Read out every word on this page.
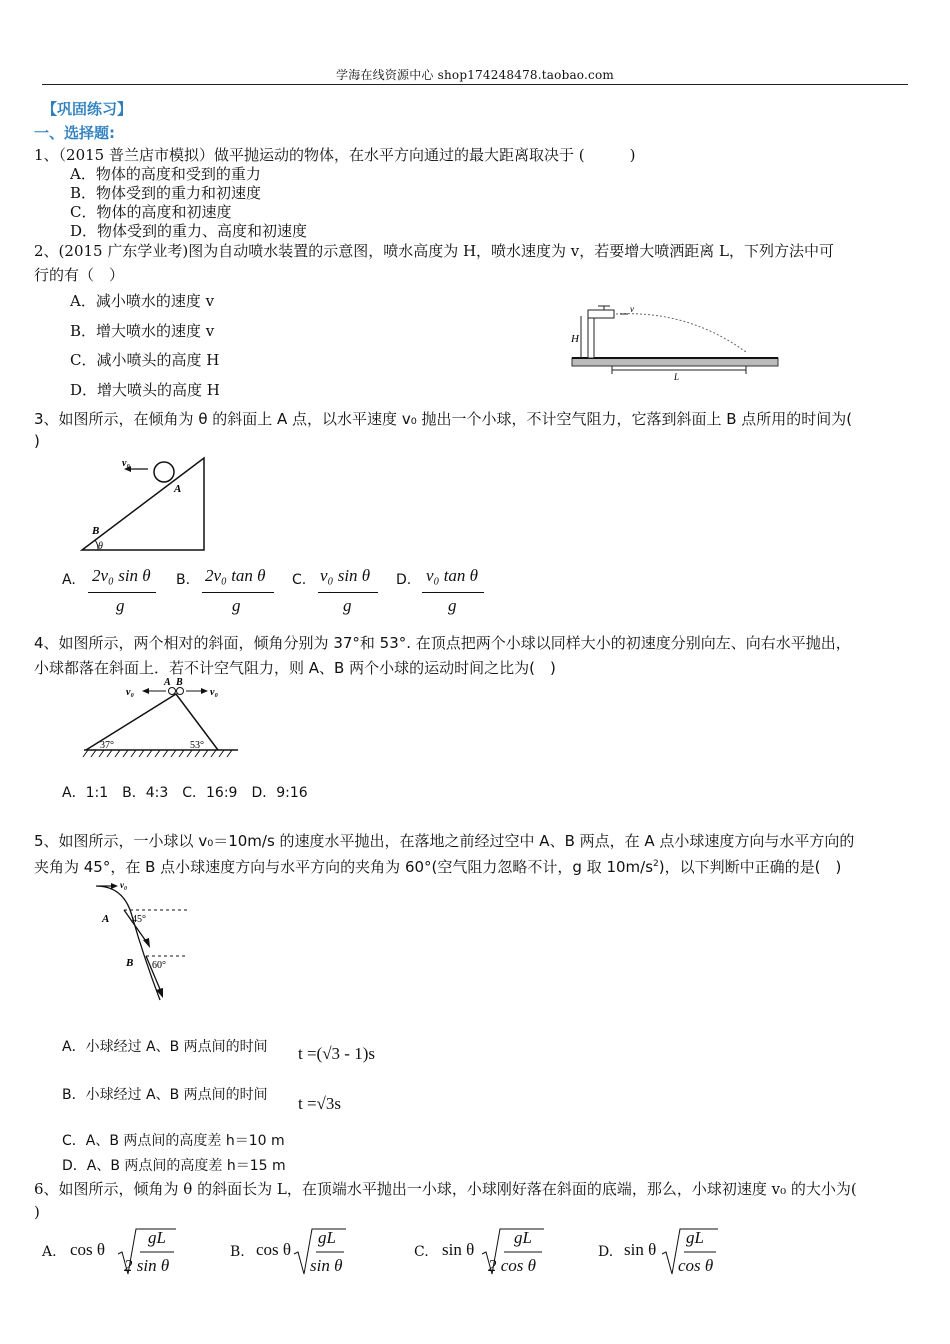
学海在线资源中心 shop174248478.taobao.com
【巩固练习】
一、选择题:
1、（2015 普兰店市模拟）做平抛运动的物体，在水平方向通过的最大距离取决于 (　　　)
A．物体的高度和受到的重力
B．物体受到的重力和初速度
C．物体的高度和初速度
D．物体受到的重力、高度和初速度
2、(2015 广东学业考)图为自动喷水装置的示意图，喷水高度为 H，喷水速度为 v，若要增大喷洒距离 L，下列方法中可
行的有（　）
A．减小喷水的速度 v
B．增大喷水的速度 v
C．减小喷头的高度 H
D．增大喷头的高度 H
H
v
L
3、如图所示，在倾角为 θ 的斜面上 A 点，以水平速度 v₀ 抛出一个小球，不计空气阻力，它落到斜面上 B 点所用的时间为(
)
v₀
A
B
θ
A. 2v₀ sin θ
g
B. 2v₀ tan θ
g
C. v₀ sin θ
g
D. v₀ tan θ
g
4、如图所示，两个相对的斜面，倾角分别为 37°和 53°. 在顶点把两个小球以同样大小的初速度分别向左、向右水平抛出，
小球都落在斜面上．若不计空气阻力，则 A、B 两个小球的运动时间之比为(　)
v₀	v₀
A B
37°	53°
A．1:1　B．4:3　C．16:9　D．9:16
5、如图所示，一小球以 v₀＝10m/s 的速度水平抛出，在落地之前经过空中 A、B 两点，在 A 点小球速度方向与水平方向的
夹角为 45°，在 B 点小球速度方向与水平方向的夹角为 60°(空气阻力忽略不计，g 取 $10m/s^2$)，以下判断中正确的是(　)
v₀
A
B
45°
60°
A．小球经过 A、B 两点间的时间 t =(√3 - 1)s
B．小球经过 A、B 两点间的时间 t =√3s
C．A、B 两点间的高度差 h＝10 m
D．A、B 两点间的高度差 h＝15 m
6、如图所示，倾角为 θ 的斜面长为 L，在顶端水平抛出一小球，小球刚好落在斜面的底端，那么，小球初速度 v₀ 的大小为(
)
A. cos θ
gL
2 sin θ
B. cos θ
gL
sin θ
C. sin θ
gL
2 cos θ
D. sin θ
gL
cos θ
